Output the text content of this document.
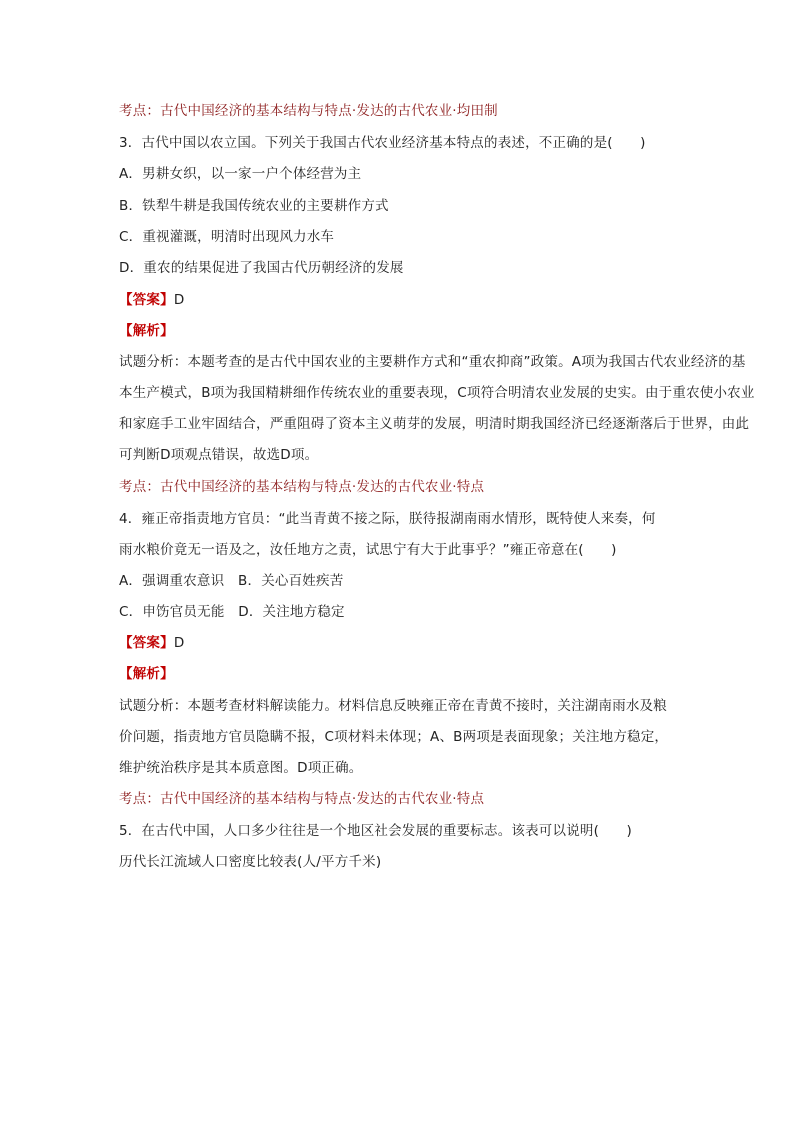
考点：古代中国经济的基本结构与特点·发达的古代农业·均田制
3．古代中国以农立国。下列关于我国古代农业经济基本特点的表述，不正确的是(　　)
A．男耕女织，以一家一户个体经营为主
B．铁犁牛耕是我国传统农业的主要耕作方式
C．重视灌溉，明清时出现风力水车
D．重农的结果促进了我国古代历朝经济的发展
【答案】D
【解析】
试题分析：本题考查的是古代中国农业的主要耕作方式和“重农抑商”政策。A项为我国古代农业经济的基
本生产模式，B项为我国精耕细作传统农业的重要表现，C项符合明清农业发展的史实。由于重农使小农业
和家庭手工业牢固结合，严重阻碍了资本主义萌芽的发展，明清时期我国经济已经逐渐落后于世界，由此
可判断D项观点错误，故选D项。
考点：古代中国经济的基本结构与特点·发达的古代农业·特点
4．雍正帝指责地方官员：“此当青黄不接之际，朕待报湖南雨水情形，既特使人来奏，何
雨水粮价竟无一语及之，汝任地方之责，试思宁有大于此事乎？”雍正帝意在(　　)
A．强调重农意识　B．关心百姓疾苦
C．申饬官员无能　D．关注地方稳定
【答案】D
【解析】
试题分析：本题考查材料解读能力。材料信息反映雍正帝在青黄不接时，关注湖南雨水及粮
价问题，指责地方官员隐瞒不报，C项材料未体现；A、B两项是表面现象；关注地方稳定，
维护统治秩序是其本质意图。D项正确。
考点：古代中国经济的基本结构与特点·发达的古代农业·特点
5．在古代中国，人口多少往往是一个地区社会发展的重要标志。该表可以说明(　　)
历代长江流域人口密度比较表(人/平方千米)
